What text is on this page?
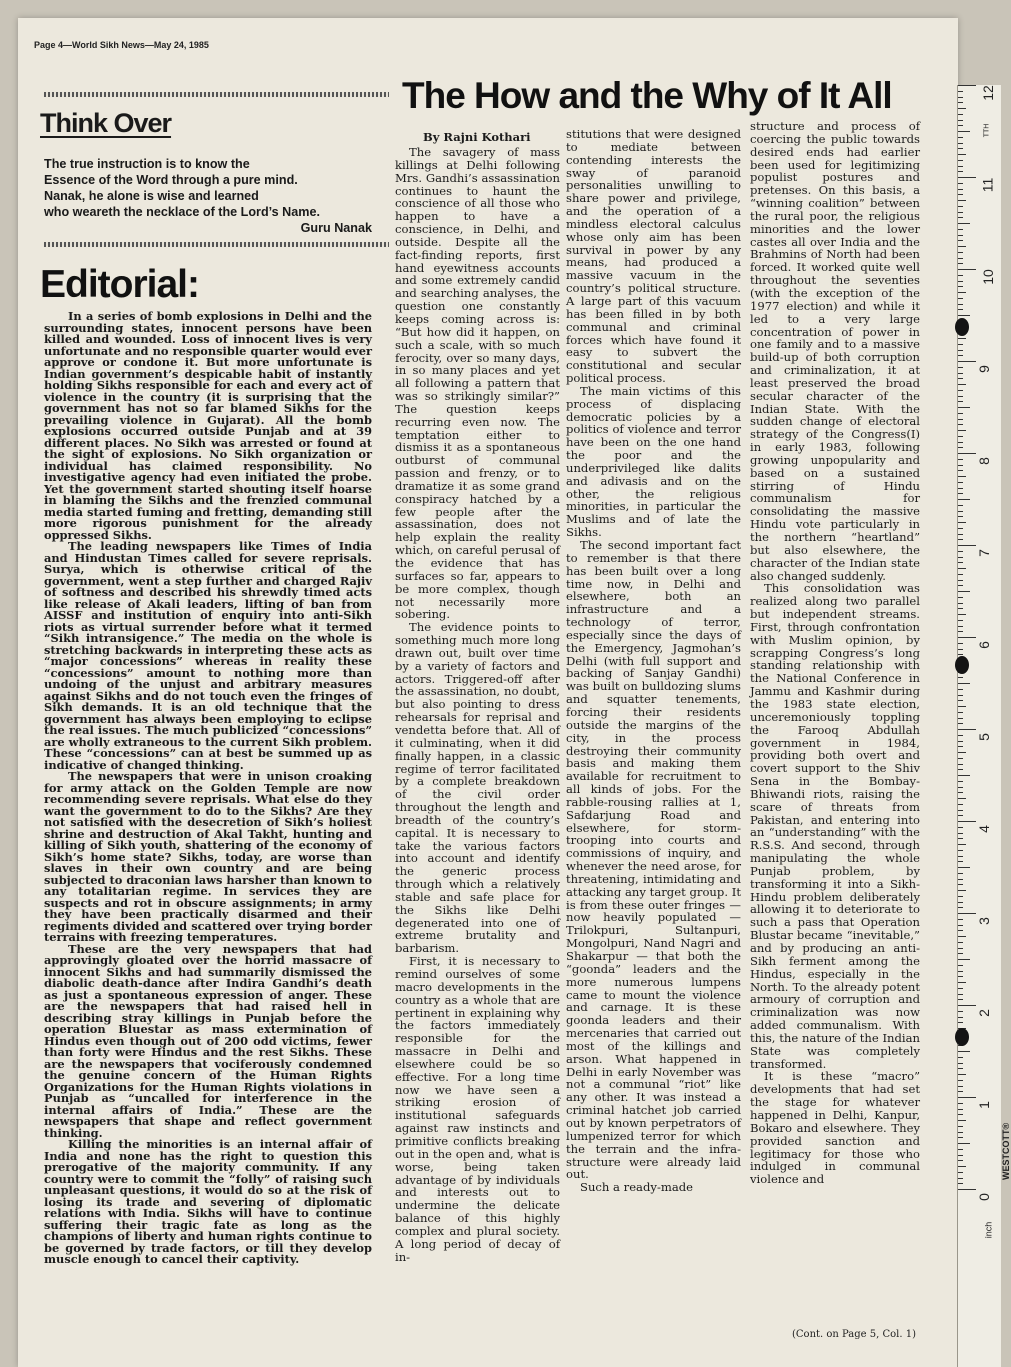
Page 4—World Sikh News—May 24, 1985
Think Over

The true instruction is to know the

Essence of the Word through a pure mind.

Nanak, he alone is wise and learned

who weareth the necklace of the Lord’s Name.

Guru Nanak

Editorial:

In a series of bomb explosions in Delhi and the surrounding states, innocent persons have been killed and wounded. Loss of innocent lives is very unfortunate and no responsible quarter would ever approve or condone it. But more unfortunate is Indian government’s despicable habit of instantly holding Sikhs responsible for each and every act of violence in the country (it is surprising that the government has not so far blamed Sikhs for the prevailing violence in Gujarat). All the bomb explosions occurred outside Punjab and at 39 different places. No Sikh was arrested or found at the sight of explosions. No Sikh organization or individual has claimed responsibility. No investigative agency had even initiated the probe. Yet the government started shouting itself hoarse in blaming the Sikhs and the frenzied communal media started fuming and fretting, demanding still more rigorous punishment for the already oppressed Sikhs.

The leading newspapers like Times of India and Hindustan Times called for severe reprisals. Surya, which is otherwise critical of the government, went a step further and charged Rajiv of softness and described his shrewdly timed acts like release of Akali leaders, lifting of ban from AISSF and institution of enquiry into anti-Sikh riots as virtual surrender before what it termed “Sikh intransigence.” The media on the whole is stretching backwards in interpreting these acts as “major concessions” whereas in reality these “concessions” amount to nothing more than undoing of the unjust and arbitrary measures against Sikhs and do not touch even the fringes of Sikh demands. It is an old technique that the government has always been employing to eclipse the real issues. The much publicized “concessions” are wholly extraneous to the current Sikh problem. These “concessions” can at best be summed up as indicative of changed thinking.

The newspapers that were in unison croaking for army attack on the Golden Temple are now recommending severe reprisals. What else do they want the government to do to the Sikhs? Are they not satisfied with the desecretion of Sikh’s holiest shrine and destruction of Akal Takht, hunting and killing of Sikh youth, shattering of the economy of Sikh’s home state? Sikhs, today, are worse than slaves in their own country and are being subjected to draconian laws harsher than known to any totalitarian regime. In services they are suspects and rot in obscure assignments; in army they have been practically disarmed and their regiments divided and scattered over trying border terrains with freezing temperatures.

These are the very newspapers that had approvingly gloated over the horrid massacre of innocent Sikhs and had summarily dismissed the diabolic death-dance after Indira Gandhi’s death as just a spontaneous expression of anger. These are the newspapers that had raised hell in describing stray killings in Punjab before the operation Bluestar as mass extermination of Hindus even though out of 200 odd victims, fewer than forty were Hindus and the rest Sikhs. These are the newspapers that vociferously condemned the genuine concern of the Human Rights Organizations for the Human Rights violations in Punjab as “uncalled for interference in the internal affairs of India.” These are the newspapers that shape and reflect government thinking.

Killing the minorities is an internal affair of India and none has the right to question this prerogative of the majority community. If any country were to commit the “folly” of raising such unpleasant questions, it would do so at the risk of losing its trade and severing of diplomatic relations with India. Sikhs will have to continue suffering their tragic fate as long as the champions of liberty and human rights continue to be governed by trade factors, or till they develop muscle enough to cancel their captivity.

The How and the Why of It All
By Rajni Kothari

The savagery of mass killings at Delhi following Mrs. Gandhi’s assassination continues to haunt the conscience of all those who happen to have a conscience, in Delhi, and outside. Despite all the fact-finding reports, first hand eyewitness accounts and some extremely candid and searching analyses, the question one constantly keeps coming across is: “But how did it happen, on such a scale, with so much ferocity, over so many days, in so many places and yet all following a pattern that was so strikingly similar?” The question keeps recurring even now. The temptation either to dismiss it as a spontaneous outburst of communal passion and frenzy, or to dramatize it as some grand conspiracy hatched by a few people after the assassination, does not help explain the reality which, on careful perusal of the evidence that has surfaces so far, appears to be more complex, though not necessarily more sobering.

The evidence points to something much more long drawn out, built over time by a variety of factors and actors. Triggered-off after the assassination, no doubt, but also pointing to dress rehearsals for reprisal and vendetta before that. All of it culminating, when it did finally happen, in a classic regime of terror facilitated by a complete breakdown of the civil order throughout the length and breadth of the country’s capital. It is necessary to take the various factors into account and identify the generic process through which a relatively stable and safe place for the Sikhs like Delhi degenerated into one of extreme brutality and barbarism.

First, it is necessary to remind ourselves of some macro developments in the country as a whole that are pertinent in explaining why the factors immediately responsible for the massacre in Delhi and elsewhere could be so effective. For a long time now we have seen a striking erosion of institutional safeguards against raw instincts and primitive conflicts breaking out in the open and, what is worse, being taken advantage of by individuals and interests out to undermine the delicate balance of this highly complex and plural society. A long period of decay of in-

stitutions that were designed to mediate between contending interests the sway of paranoid personalities unwilling to share power and privilege, and the operation of a mindless electoral calculus whose only aim has been survival in power by any means, had produced a massive vacuum in the country’s political structure. A large part of this vacuum has been filled in by both communal and criminal forces which have found it easy to subvert the constitutional and secular political process.

The main victims of this process of displacing democratic policies by a politics of violence and terror have been on the one hand the poor and the underprivileged like dalits and adivasis and on the other, the religious minorities, in particular the Muslims and of late the Sikhs.

The second important fact to remember is that there has been built over a long time now, in Delhi and elsewhere, both an infrastructure and a technology of terror, especially since the days of the Emergency, Jagmohan’s Delhi (with full support and backing of Sanjay Gandhi) was built on bulldozing slums and squatter tenements, forcing their residents outside the margins of the city, in the process destroying their community basis and making them available for recruitment to all kinds of jobs. For the rabble-rousing rallies at 1, Safdarjung Road and elsewhere, for storm-trooping into courts and commissions of inquiry, and whenever the need arose, for threatening, intimidating and attacking any target group. It is from these outer fringes — now heavily populated — Trilokpuri, Sultanpuri, Mongolpuri, Nand Nagri and Shakarpur — that both the “goonda” leaders and the more numerous lumpens came to mount the violence and carnage. It is these goonda leaders and their mercenaries that carried out most of the killings and arson. What happened in Delhi in early November was not a communal “riot” like any other. It was instead a criminal hatchet job carried out by known perpetrators of lumpenized terror for which the terrain and the infra-structure were already laid out.

Such a ready-made

structure and process of coercing the public towards desired ends had earlier been used for legitimizing populist postures and pretenses. On this basis, a “winning coalition” between the rural poor, the religious minorities and the lower castes all over India and the Brahmins of North had been forced. It worked quite well throughout the seventies (with the exception of the 1977 election) and while it led to a very large concentration of power in one family and to a massive build-up of both corruption and criminalization, it at least preserved the broad secular character of the Indian State. With the sudden change of electoral strategy of the Congress(I) in early 1983, following growing unpopularity and based on a sustained stirring of Hindu communalism for consolidating the massive Hindu vote particularly in the northern “heartland” but also elsewhere, the character of the Indian state also changed suddenly.

This consolidation was realized along two parallel but independent streams. First, through confrontation with Muslim opinion, by scrapping Congress’s long standing relationship with the National Conference in Jammu and Kashmir during the 1983 state election, unceremoniously toppling the Farooq Abdullah government in 1984, providing both overt and covert support to the Shiv Sena in the Bombay-Bhiwandi riots, raising the scare of threats from Pakistan, and entering into an “understanding” with the R.S.S. And second, through manipulating the whole Punjab problem, by transforming it into a Sikh-Hindu problem deliberately allowing it to deteriorate to such a pass that Operation Blustar became “inevitable,” and by producing an anti-Sikh ferment among the Hindus, especially in the North. To the already potent armoury of corruption and criminalization was now added communalism. With this, the nature of the Indian State was completely transformed.

It is these “macro” developments that had set the stage for whatever happened in Delhi, Kanpur, Bokaro and elsewhere. They provided sanction and legitimacy for those who indulged in communal violence and

(Cont. on Page 5, Col. 1)
12
11
10
9
8
7
6
5
4
3
2
1
0
TTH
WESTCOTT®
inch
